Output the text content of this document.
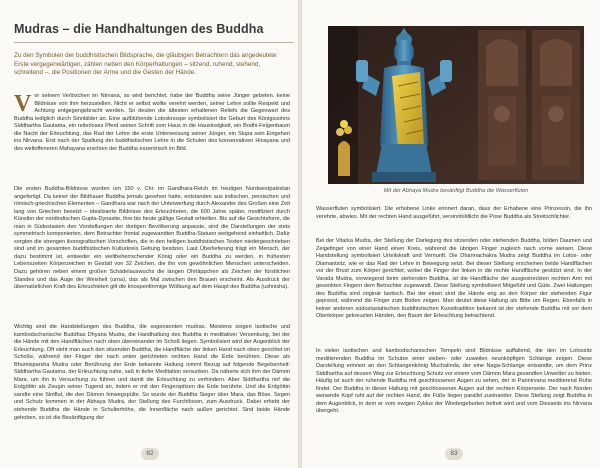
Mudras – die Handhaltungen des Buddha
Zu den Symbolen der buddhistischen Bildsprache, die gläubigen Betrachtern das angedeutete Erste vergegenwärtigen, zählen neben den Körperhaltungen – sitzend, ruhend, stehend, schreitend –, die Positionen der Arme und die Gesten der Hände.

Vor seinem Verlöschen im Nirvana, so wird berichtet, habe der Buddha seine Jünger gebeten, keine Bildnisse von ihm herzustellen. Nicht er selbst wollte verehrt werden, seiner Lehre sollte Respekt und Achtung entgegengebracht werden. So deuten die ältesten erhaltenen Reliefs die Gegenwart des Buddha lediglich durch Sinnbilder an. Eine aufblühende Lotosknospe symbolisiert die Geburt des Königssohns Siddhartha Gautama, ein reiterloses Pferd seinen Schritt vom Haus in die Hauslosigkeit, ein Bodhi-Feigenbaum die Nacht der Erleuchtung, das Rad der Lehre die erste Unterweisung seiner Jünger, ein Stupa sein Eingehen ins Nirvana. Erst nach der Spaltung der buddhistischen Lehre in die Schulen des konservativen Hinayana und des weltoffeneren Mahayana erschien der Buddha exzentrisch im Bild.

Die ersten Buddha-Bildnisse wurden um 150 v. Chr. im Gandhara-Reich im heutigen Nordwestpakistan angefertigt. Da keiner der Bildhauer Buddha jemals gesehen hatte, entstanden aus indischen, persischen und römisch-griechischen Elementen – Gandhara war nach der Unterwerfung durch Alexander des Großen eine Zeit lang von Griechen besetzt – idealisierte Bildnisse des Erleuchteten, die 600 Jahre später, modifiziert durch Künstler der nordindischen Gupta-Dynastie, ihre bis heute gültige Gestalt erhielten. Bis auf die Gesichtsform, die man in Südostasien den Vorstellungen der dortigen Bevölkerung anpasste, sind die Darstellungen der stets symmetrisch komponierten, dem Betrachter frontal zugewandten Buddha-Statuen weitgehend einheitlich. Dafür sorgten die strengen ikonografischen Vorschriften, die in den heiligen buddhistischen Texten niedergeschrieben sind und im gesamten buddhistischen Kulturkreis Geltung besitzen. Laut Überlieferung trägt ein Mensch, der dazu bestimmt ist, entweder ein weltbeherrschender König oder ein Buddha zu werden, in frühesten Lebenszeiten Körperzeichen in Gestalt von 32 Zeichen, die ihn von gewöhnlichen Menschen unterscheiden. Dazu gehören neben einem großen Schädelauswuchs die langen Ohrläppchen als Zeichen der fürstlichen Standes und das Auge der Weisheit (urna), das als Mal zwischen den Brauen erscheint. Als Ausdruck der übernatürlichen Kraft des Erleuchteten gilt die knospenförmige Wölbung auf dem Haupt des Buddha (ushnisha).

Wichtig sind die Handstellungen des Buddha, die sogenannten mudras. Meistens zeigen laotische und kambodschanische Buddhas Dhyana Mudra, die Handhaltung des Buddha in meditativer Versenkung, bei der die Hände mit den Handflächen nach oben übereinander im Schoß liegen. Symbolisiert wird der Augenblick der Erleuchtung. Oft sieht man auch den sitzenden Buddha, die Handfläche der linken Hand nach oben gerichtet im Schoße, während der Finger der nach unten gerichteten rechten Hand die Erde berühren. Diese als Bhumisparsha Mudra oder Berührung der Erde bekannte Haltung nimmt Bezug auf folgende Begebenheit: Siddhartha Gautama, der Erleuchtung nahe, saß in tiefer Meditation versunken. Da näherte sich ihm der Dämon Mara, um ihn in Versuchung zu führen und damit die Erleuchtung zu verhindern. Aber Siddhartha rief die Erdgöttin als Zeugin seiner Tugend an, indem er mit den Fingerspitzen die Erde berührte. Und die Erdgöttin sandte eine Sintflut, die den Dämon hinwegspülte. So wurde der Buddha Sieger über Mara, das Böse. Segen und Schutz kommen in der Abhaya Mudra, der Stellung des Furchtlosen, zum Ausdruck. Dabei erhebt der stehende Buddha die Hände in Schulterhöhe, die Innenfläche nach außen gerichtet. Sind beide Hände gehoben, so ist die Besänftigung der

82
Mit der Abhaya Mudra besänftigt Buddha die Wasserfluten

Wasserfluten symbolisiert. Die erhobene Linke erinnert daran, dass der Erhabene eine Prinzessin, die ihn verehrte, abwies. Mit der rechten Hand ausgeführt, versinnbildlicht die Pose Buddha als Streitschlichter.

Bei der Vitarka Mudra, der Stellung der Darlegung des sitzenden oder stehenden Buddha, bilden Daumen und Zeigefinger von einer Hand einen Kreis, während die übrigen Finger zugleich nach vorne weisen. Diese Handstellung symbolisiert Urteilskraft und Vernunft. Die Dharmachakra Mudra zeigt Buddha im Lotos- oder Diamantsitz, wie er das Rad der Lehre in Bewegung setzt. Bei dieser Stellung erscheinen beide Handflächen vor der Brust zum Körper gerichtet, wobei die Finger der linken in die rechte Handfläche gestützt sind. In der Varada Mudra, vorwiegend beim stehenden Buddha, ist die Handfläche der ausgestreckten rechten Arm mit gesenkten Fingern dem Betrachter zugewandt. Diese Stellung symbolisiert Mitgefühl und Güte. Zwei Haltungen des Buddha sind originär laotisch. Bei der einen sind die Hände eng an den Körper der stehenden Figur gepresst, während die Finger zum Boden zeigen. Man deutet diese Haltung als Bitte um Regen. Ebenfalls in keiner anderen südostasiatischen buddhistischen Kunsttradition bekannt ist der stehende Buddha mit vor dem Oberkörper gekreuzten Händen, den Baum der Erleuchtung betrachtend.

In vielen laotischen und kambodschanischen Tempeln sind Bildnisse auffallend, die den im Lotossitz meditierenden Buddha im Schutze einer sieben- oder zuweilen neunköpfigen Schlange zeigen. Diese Darstellung erinnert an den Schlangenkönig Muchalinda, der eine Naga-Schlange entsandte, um dem Prinz Siddhartha auf dessen Weg zur Erleuchtung Schutz vor einem vom Dämon Mara gesandten Unwetter zu bieten. Häufig ist auch der ruhende Buddha mit geschlossenen Augen zu sehen, der in Parinirvana meditierend Ruhe findet. Der Buddha in dieser Haltung mit geschlossenen Augen auf der rechten Körperseite. Der nach Norden weisende Kopf ruht auf der rechten Hand, die Füße liegen parallel zueinander. Diese Stellung zeigt Buddha in dem Augenblick, in dem er vom ewigen Zyklus der Wiedergeburten befreit wird und vom Diesseits ins Nirvana übergeht.

83
